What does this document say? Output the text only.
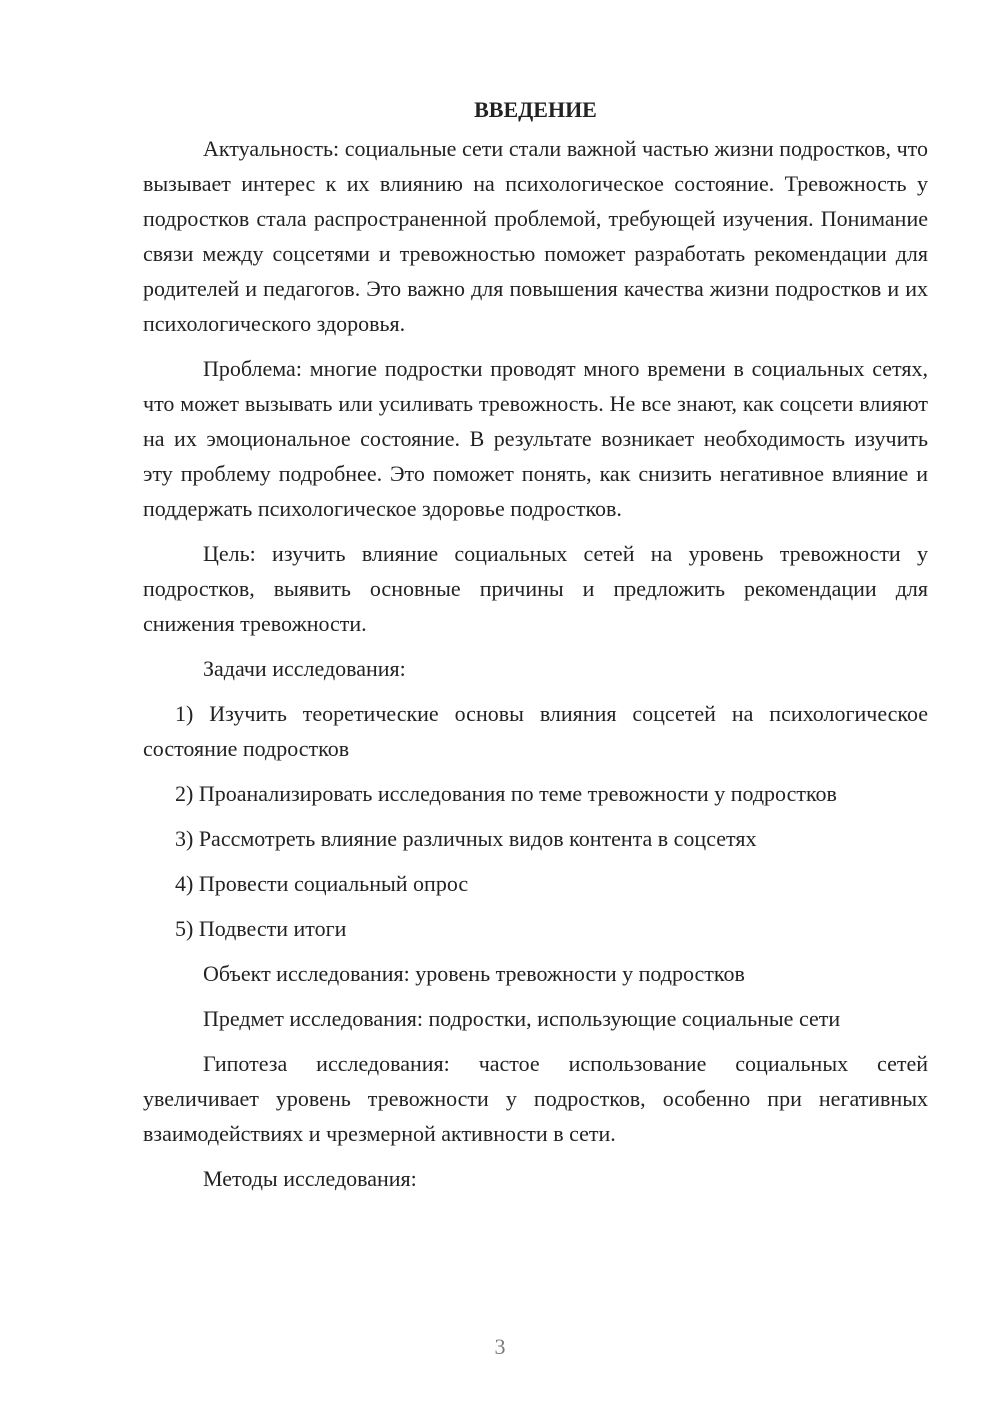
ВВЕДЕНИЕ

Актуальность: социальные сети стали важной частью жизни подростков, что вызывает интерес к их влиянию на психологическое состояние. Тревожность у подростков стала распространенной проблемой, требующей изучения. Понимание связи между соцсетями и тревожностью поможет разработать рекомендации для родителей и педагогов. Это важно для повышения качества жизни подростков и их психологического здоровья.

Проблема: многие подростки проводят много времени в социальных сетях, что может вызывать или усиливать тревожность. Не все знают, как соцсети влияют на их эмоциональное состояние. В результате возникает необходимость изучить эту проблему подробнее. Это поможет понять, как снизить негативное влияние и поддержать психологическое здоровье подростков.

Цель: изучить влияние социальных сетей на уровень тревожности у подростков, выявить основные причины и предложить рекомендации для снижения тревожности.

Задачи исследования:

1) Изучить теоретические основы влияния соцсетей на психологическое состояние подростков

2) Проанализировать исследования по теме тревожности у подростков

3) Рассмотреть влияние различных видов контента в соцсетях

4) Провести социальный опрос

5) Подвести итоги

Объект исследования: уровень тревожности у подростков

Предмет исследования: подростки, использующие социальные сети

Гипотеза исследования: частое использование социальных сетей увеличивает уровень тревожности у подростков, особенно при негативных взаимодействиях и чрезмерной активности в сети.

Методы исследования:

3
